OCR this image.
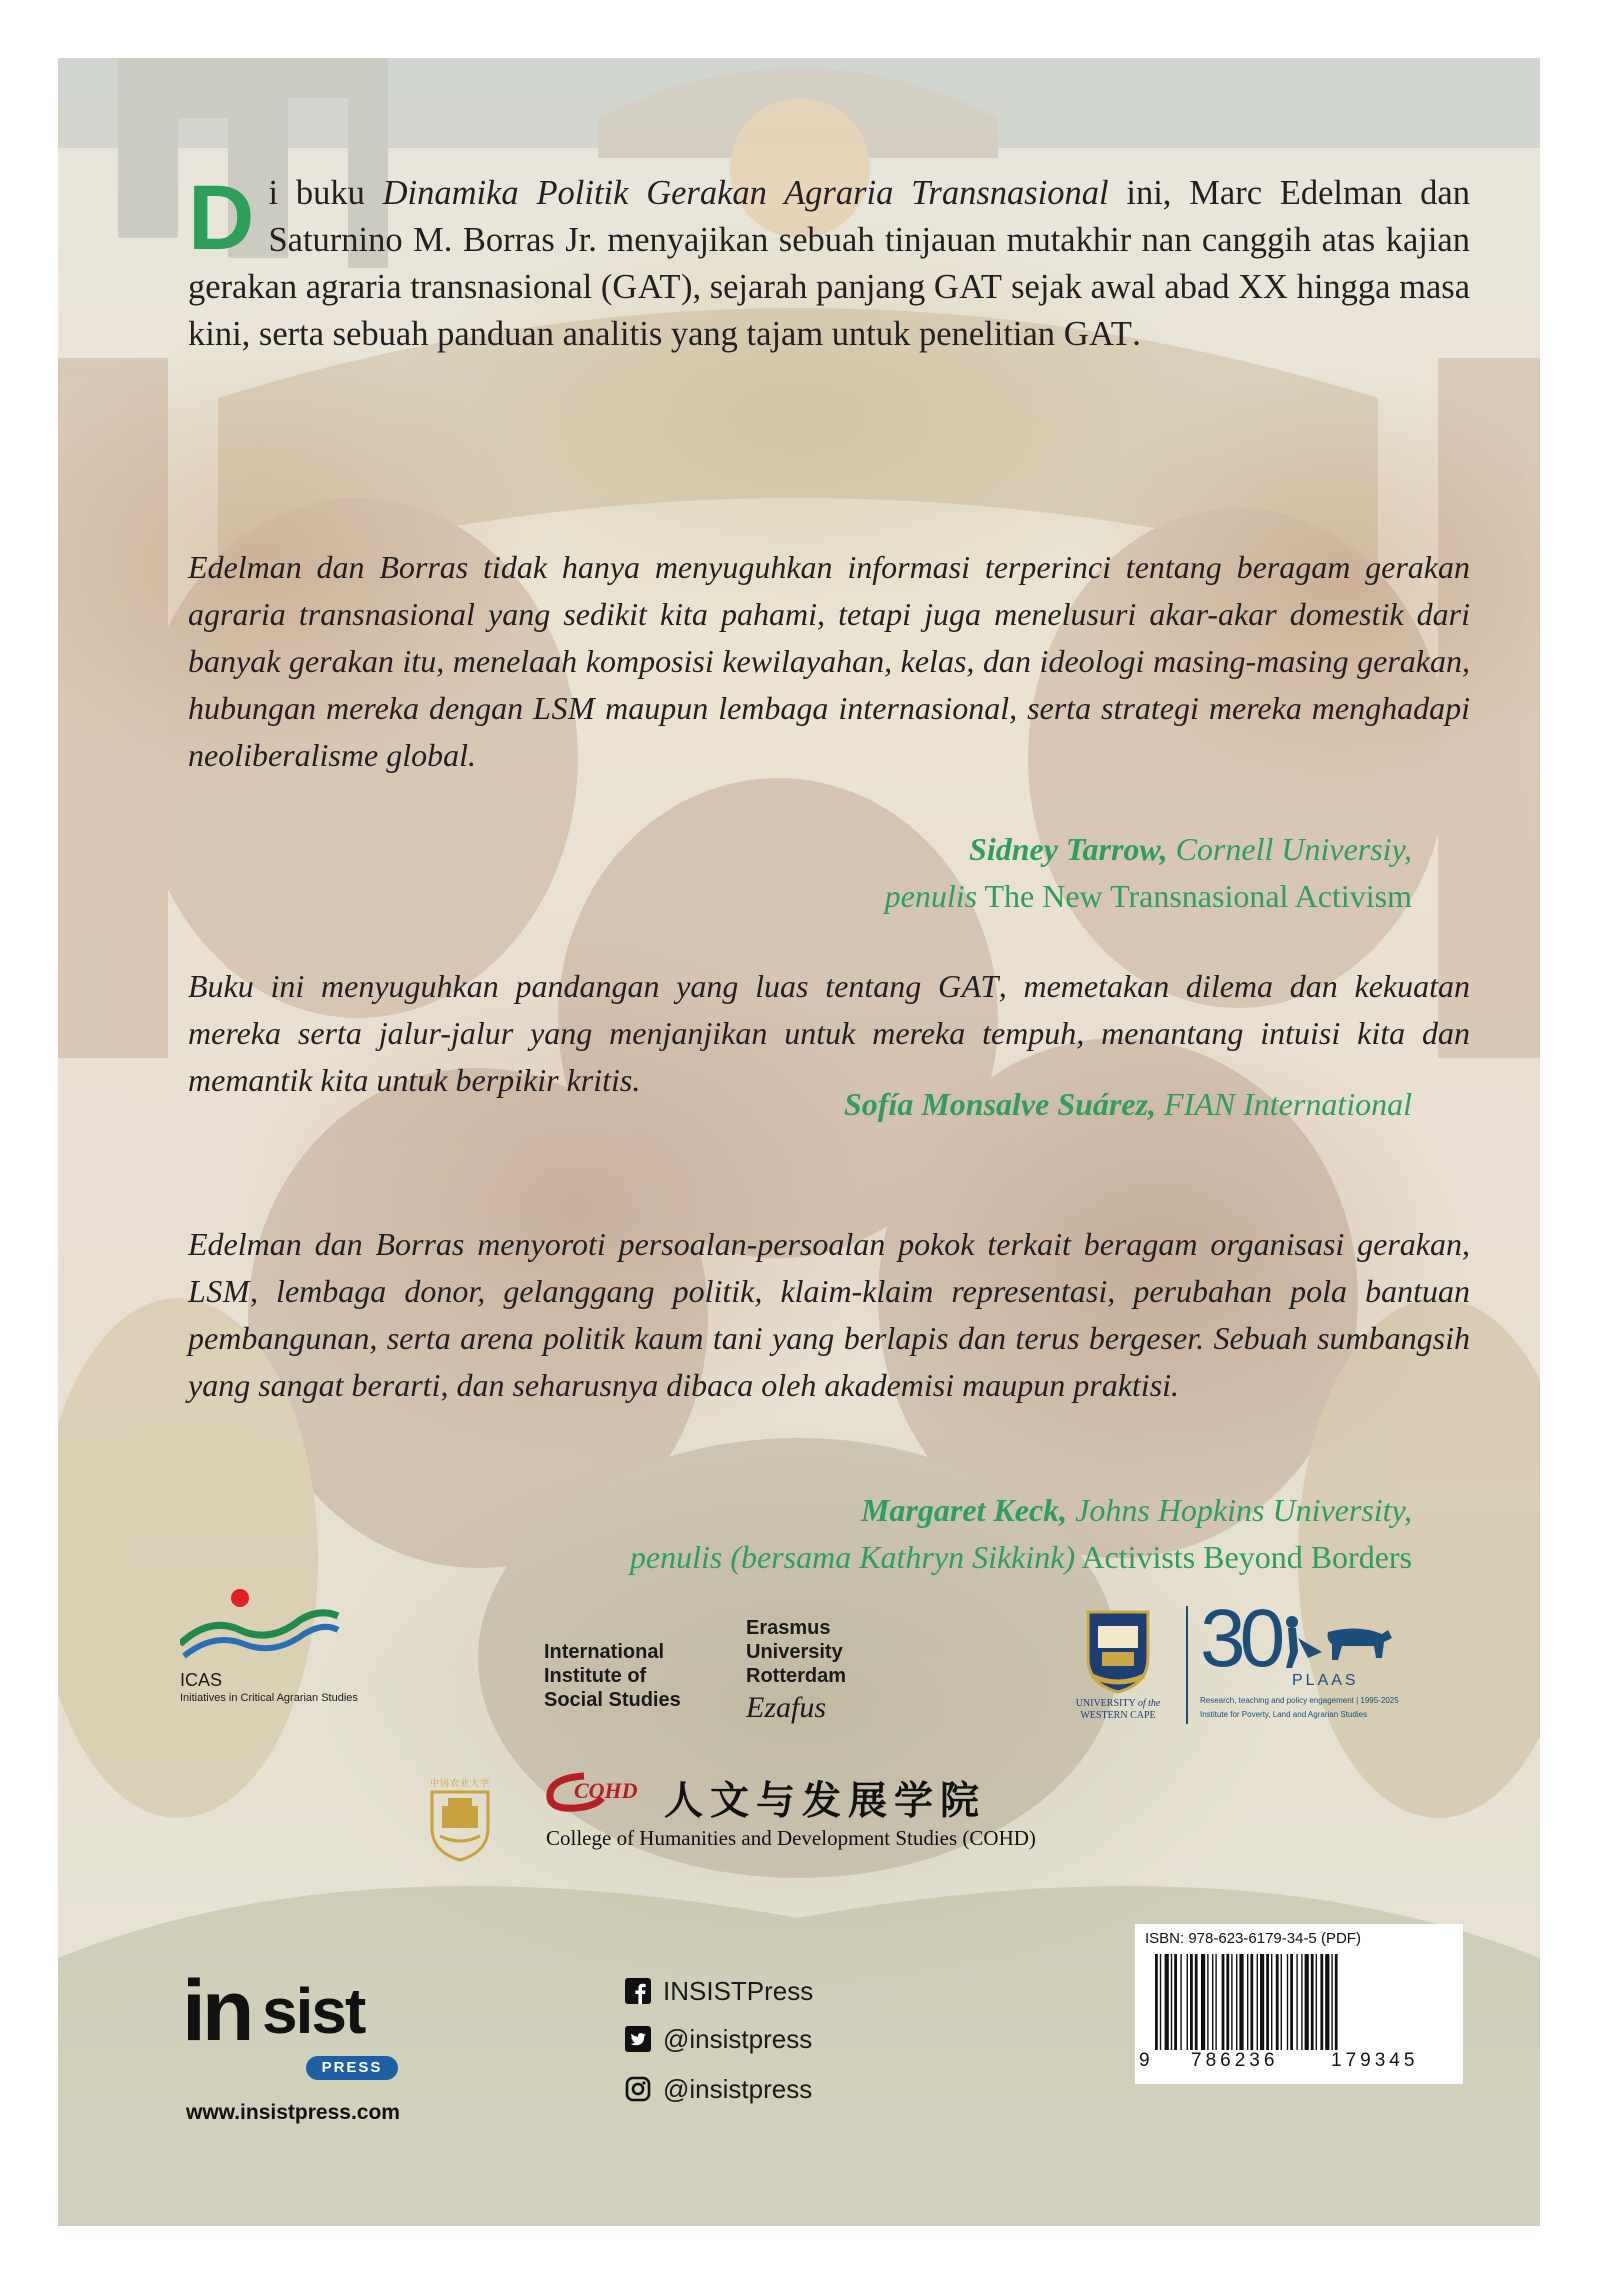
Di buku Dinamika Politik Gerakan Agraria Transnasional ini, Marc Edelman dan Saturnino M. Borras Jr. menyajikan sebuah tinjauan mutakhir nan canggih atas kajian gerakan agraria transnasional (GAT), sejarah panjang GAT sejak awal abad XX hingga masa kini, serta sebuah panduan analitis yang tajam untuk penelitian GAT.
Edelman dan Borras tidak hanya menyuguhkan informasi terperinci tentang beragam gerakan agraria transnasional yang sedikit kita pahami, tetapi juga menelusuri akar-akar domestik dari banyak gerakan itu, menelaah komposisi kewilayahan, kelas, dan ideologi masing-masing gerakan, hubungan mereka dengan LSM maupun lembaga internasional, serta strategi mereka menghadapi neoliberalisme global.
Sidney Tarrow, Cornell Universiy,
penulis The New Transnasional Activism
Buku ini menyuguhkan pandangan yang luas tentang GAT, memetakan dilema dan kekuatan mereka serta jalur-jalur yang menjanjikan untuk mereka tempuh, menantang intuisi kita dan memantik kita untuk berpikir kritis.
Sofía Monsalve Suárez, FIAN International
Edelman dan Borras menyoroti persoalan-persoalan pokok terkait beragam organisasi gerakan, LSM, lembaga donor, gelanggang politik, klaim-klaim representasi, perubahan pola bantuan pembangunan, serta arena politik kaum tani yang berlapis dan terus bergeser. Sebuah sumbangsih yang sangat berarti, dan seharusnya dibaca oleh akademisi maupun praktisi.
Margaret Keck, Johns Hopkins University,
penulis (bersama Kathryn Sikkink) Activists Beyond Borders
ICAS
Initiatives in Critical Agrarian Studies
International
Institute of
Social Studies
Erasmus
University
Rotterdam
Ezafus	UNIVERSITY of the
WESTERN CAPE
30 PLAAS
Research, teaching and policy engagement | 1995-2025
Institute for Poverty, Land and Agrarian Studies
中国农业大学	COHD 人文与发展学院
College of Humanities and Development Studies (COHD)
in sist
PRESS
www.insistpress.com
INSISTPress
@insistpress
@insistpress
ISBN: 978-623-6179-34-5 (PDF)
9 786236	179345
